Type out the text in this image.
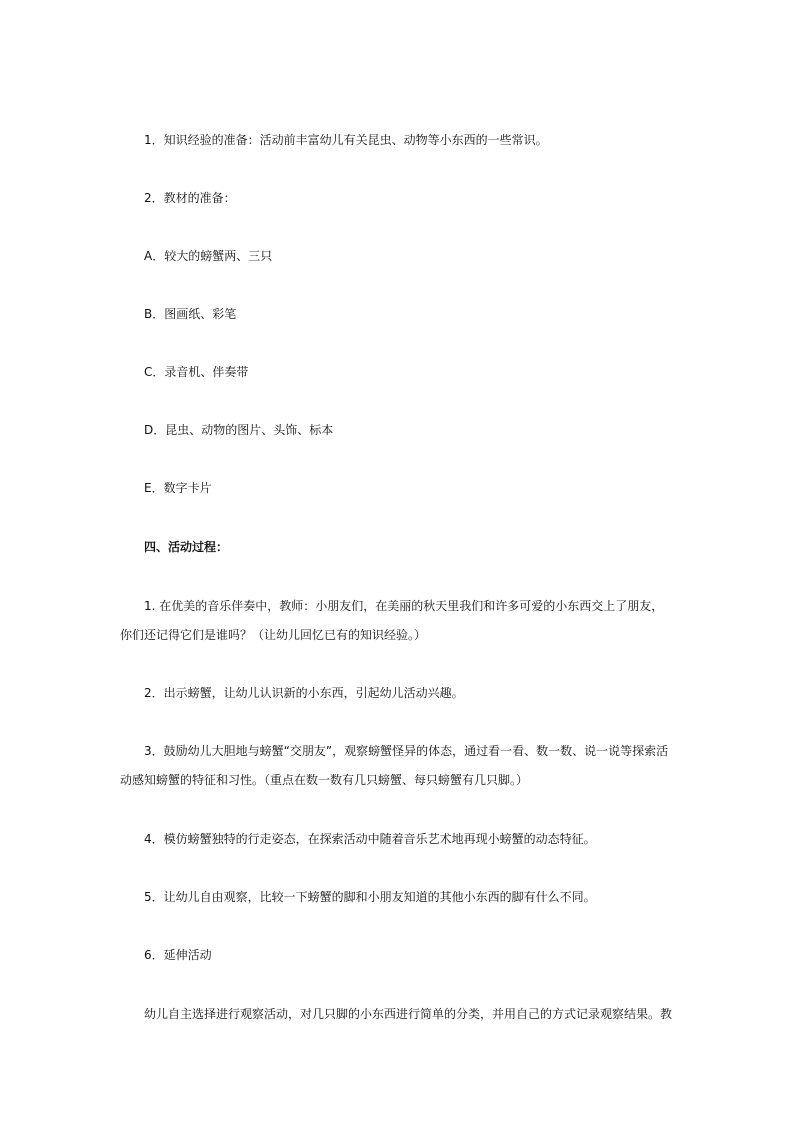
1．知识经验的准备：活动前丰富幼儿有关昆虫、动物等小东西的一些常识。

2．教材的准备：

A．较大的螃蟹两、三只

B．图画纸、彩笔

C．录音机、伴奏带

D．昆虫、动物的图片、头饰、标本

E．数字卡片

四、活动过程：

1. 在优美的音乐伴奏中，教师：小朋友们，在美丽的秋天里我们和许多可爱的小东西交上了朋友，你们还记得它们是谁吗？（让幼儿回忆已有的知识经验。）

2．出示螃蟹，让幼儿认识新的小东西，引起幼儿活动兴趣。

3．鼓励幼儿大胆地与螃蟹“交朋友”，观察螃蟹怪异的体态，通过看一看、数一数、说一说等探索活动感知螃蟹的特征和习性。（重点在数一数有几只螃蟹、每只螃蟹有几只脚。）

4．模仿螃蟹独特的行走姿态，在探索活动中随着音乐艺术地再现小螃蟹的动态特征。

5．让幼儿自由观察，比较一下螃蟹的脚和小朋友知道的其他小东西的脚有什么不同。

6．延伸活动

幼儿自主选择进行观察活动，对几只脚的小东西进行简单的分类，并用自己的方式记录观察结果。教
